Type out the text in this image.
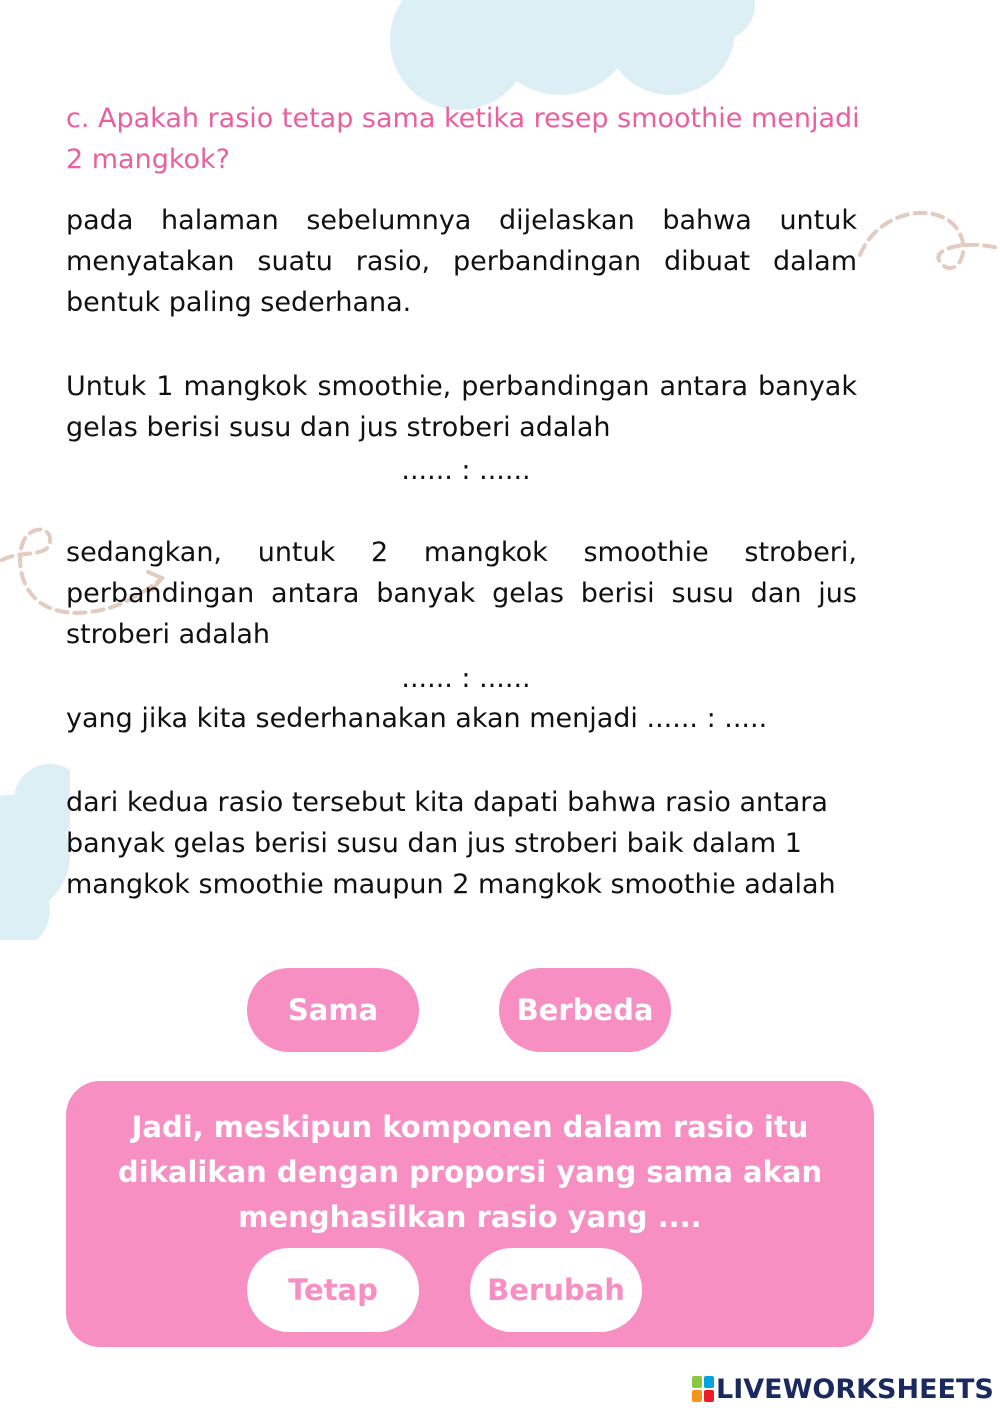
c. Apakah rasio tetap sama ketika resep smoothie menjadi 2 mangkok?
pada halaman sebelumnya dijelaskan bahwa untuk menyatakan suatu rasio, perbandingan dibuat dalam bentuk paling sederhana.
Untuk 1 mangkok smoothie, perbandingan antara banyak gelas berisi susu dan jus stroberi adalah
...... : ......
sedangkan, untuk 2 mangkok smoothie stroberi, perbandingan antara banyak gelas berisi susu dan jus stroberi adalah
...... : ......
yang jika kita sederhanakan akan menjadi ...... : .....
dari kedua rasio tersebut kita dapati bahwa rasio antara banyak gelas berisi susu dan jus stroberi baik dalam 1 mangkok smoothie maupun 2 mangkok smoothie adalah
Sama	Berbeda
Jadi, meskipun komponen dalam rasio itu dikalikan dengan proporsi yang sama akan menghasilkan rasio yang ....
Tetap	Berubah
LIVEWORKSHEETS
